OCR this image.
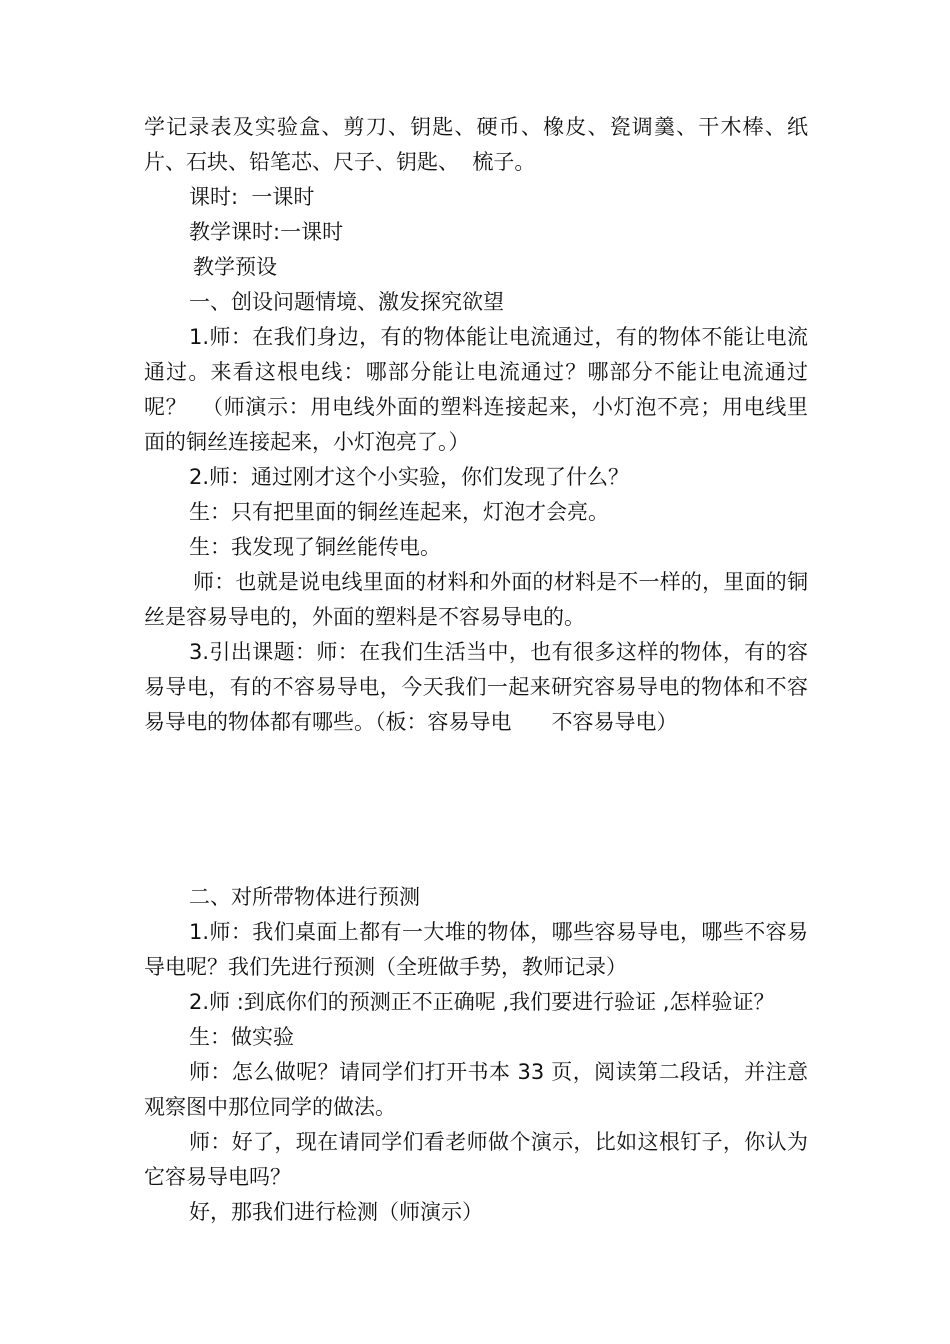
学记录表及实验盒、剪刀、钥匙、硬币、橡皮、瓷调羹、干木棒、纸片、石块、铅笔芯、尺子、钥匙、  梳子。

课时:  一课时

教学课时:一课时

教学预设

一、创设问题情境、激发探究欲望

1.师：在我们身边，有的物体能让电流通过，有的物体不能让电流通过。来看这根电线：哪部分能让电流通过？哪部分不能让电流通过呢？  （师演示：用电线外面的塑料连接起来，小灯泡不亮；用电线里面的铜丝连接起来，小灯泡亮了。）

2.师：通过刚才这个小实验，你们发现了什么？

生：只有把里面的铜丝连起来，灯泡才会亮。

生：我发现了铜丝能传电。

师：也就是说电线里面的材料和外面的材料是不一样的，里面的铜丝是容易导电的，外面的塑料是不容易导电的。

3.引出课题：师：在我们生活当中，也有很多这样的物体，有的容易导电，有的不容易导电，今天我们一起来研究容易导电的物体和不容易导电的物体都有哪些。（板：容易导电      不容易导电）

二、对所带物体进行预测

1.师：我们桌面上都有一大堆的物体，哪些容易导电，哪些不容易导电呢？我们先进行预测（全班做手势，教师记录）

2.师 :到底你们的预测正不正确呢 ,我们要进行验证 ,怎样验证？

生：做实验

师：怎么做呢？请同学们打开书本 33 页，阅读第二段话，并注意观察图中那位同学的做法。

师：好了，现在请同学们看老师做个演示，比如这根钉子，你认为它容易导电吗？

好，那我们进行检测（师演示）
